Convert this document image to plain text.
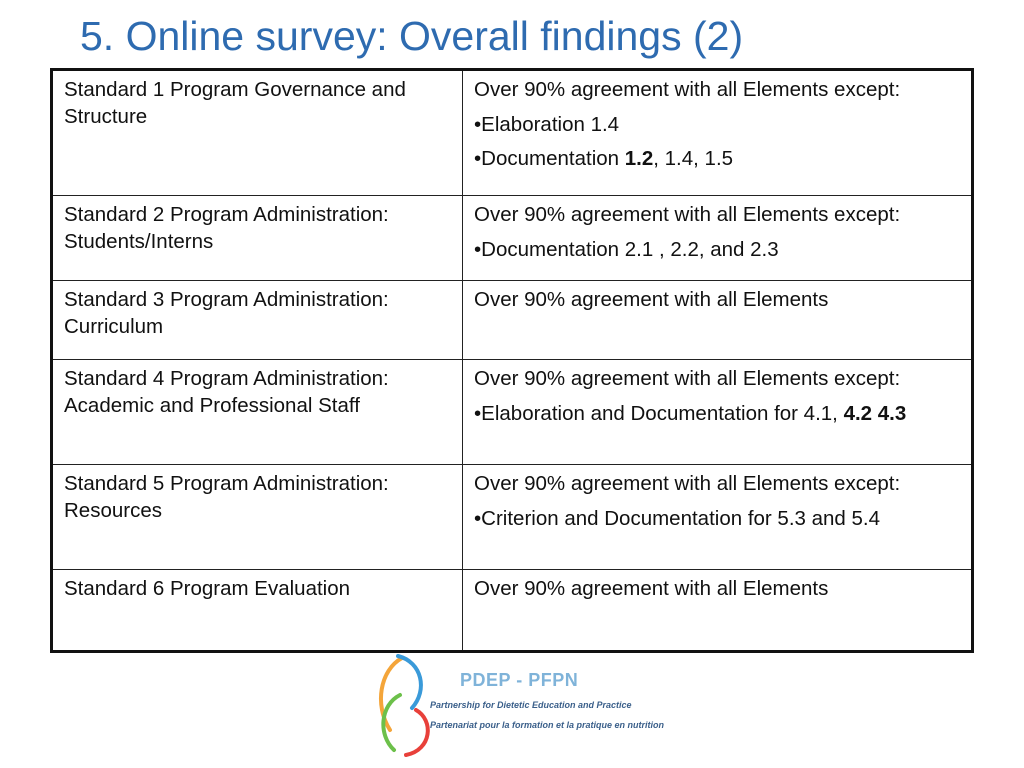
5. Online survey: Overall findings (2)
Standard 1 Program Governance and Structure	Over 90% agreement with all Elements except:
•Elaboration 1.4
•Documentation 1.2, 1.4, 1.5

Standard 2 Program Administration: Students/Interns	Over 90% agreement with all Elements except:
•Documentation 2.1 , 2.2, and 2.3

Standard 3 Program Administration: Curriculum	Over 90% agreement with all Elements

Standard 4 Program Administration: Academic and Professional Staff	Over 90% agreement with all Elements except:
•Elaboration and Documentation for 4.1, 4.2 4.3

Standard 5 Program Administration: Resources	Over 90% agreement with all Elements except:
•Criterion and Documentation for 5.3 and 5.4

Standard 6 Program Evaluation	Over 90% agreement with all Elements
PDEP - PFPN
Partnership for Dietetic Education and Practice
Partenariat pour la formation et la pratique en nutrition
